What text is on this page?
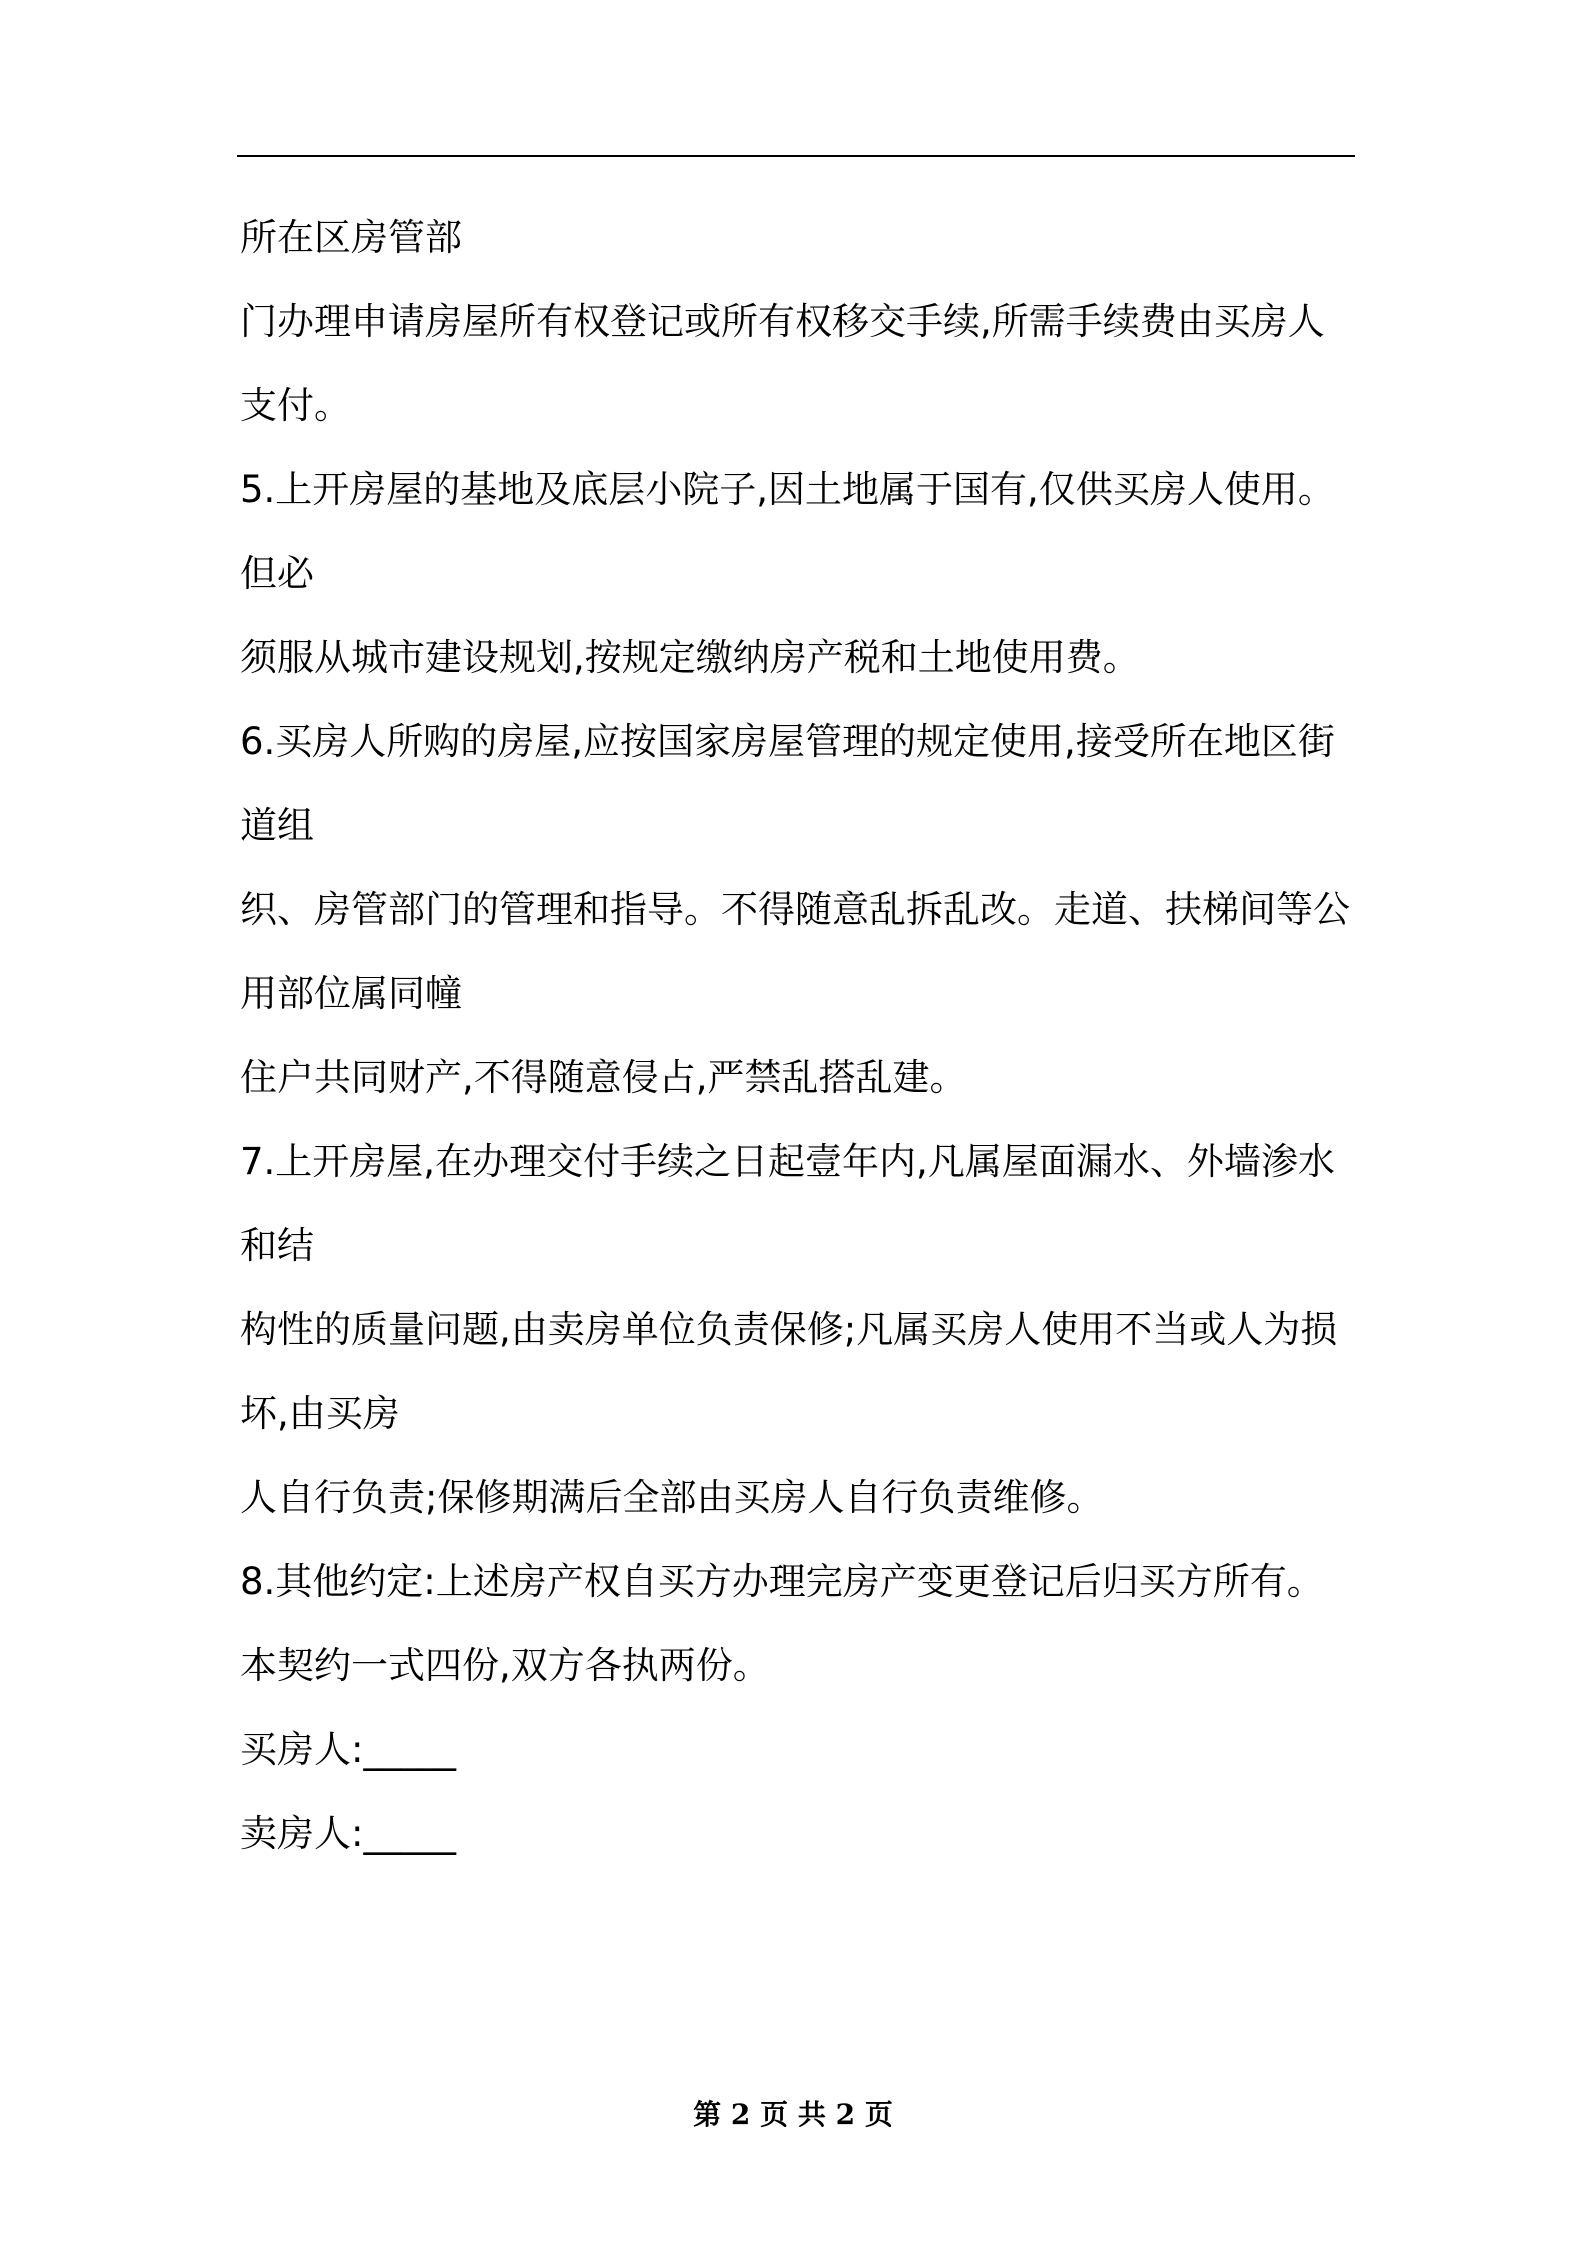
所在区房管部
门办理申请房屋所有权登记或所有权移交手续,所需手续费由买房人
支付。
5.上开房屋的基地及底层小院子,因土地属于国有,仅供买房人使用。
但必
须服从城市建设规划,按规定缴纳房产税和土地使用费。
6.买房人所购的房屋,应按国家房屋管理的规定使用,接受所在地区街
道组
织、房管部门的管理和指导。不得随意乱拆乱改。走道、扶梯间等公
用部位属同幢
住户共同财产,不得随意侵占,严禁乱搭乱建。
7.上开房屋,在办理交付手续之日起壹年内,凡属屋面漏水、外墙渗水
和结
构性的质量问题,由卖房单位负责保修;凡属买房人使用不当或人为损
坏,由买房
人自行负责;保修期满后全部由买房人自行负责维修。
8.其他约定:上述房产权自买方办理完房产变更登记后归买方所有。
本契约一式四份,双方各执两份。
买房人:_____
卖房人:_____
第 2 页 共 2 页
